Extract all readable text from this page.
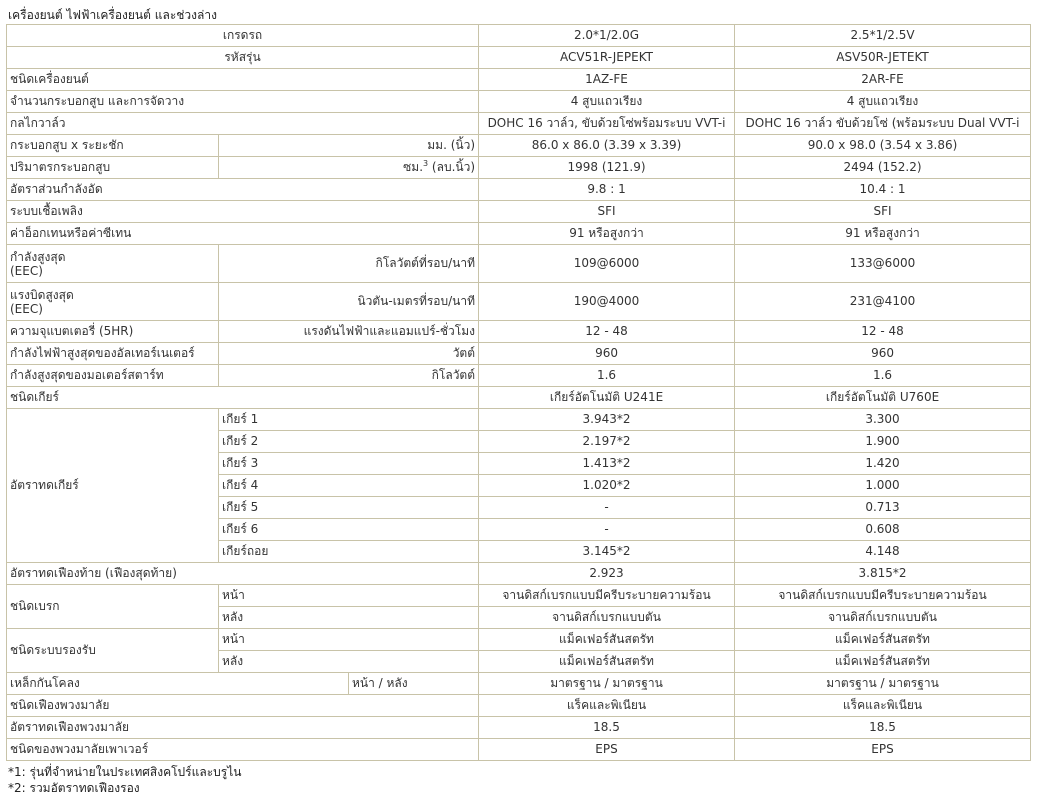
เครื่องยนต์ ไฟฟ้าเครื่องยนต์ และช่วงล่าง
เกรดรถ			2.0*1/2.0G	2.5*1/2.5V
รหัสรุ่น			ACV51R-JEPEKT	ASV50R-JETEKT
ชนิดเครื่องยนต์			1AZ-FE	2AR-FE
จำนวนกระบอกสูบ และการจัดวาง			4 สูบแถวเรียง	4 สูบแถวเรียง
กลไกวาล์ว			DOHC 16 วาล์ว, ขับด้วยโซ่พร้อมระบบ VVT-i	DOHC 16 วาล์ว ขับด้วยโซ่ (พร้อมระบบ Dual VVT-i
กระบอกสูบ x ระยะชัก	มม. (นิ้ว)		86.0 x 86.0 (3.39 x 3.39)	90.0 x 98.0 (3.54 x 3.86)
ปริมาตรกระบอกสูบ	ซม.$^3$ (ลบ.นิ้ว)		1998 (121.9)	2494 (152.2)
อัตราส่วนกำลังอัด			9.8 : 1	10.4 : 1
ระบบเชื้อเพลิง			SFI	SFI
ค่าอ็อกเทนหรือค่าซีเทน			91 หรือสูงกว่า	91 หรือสูงกว่า

กำลังสูงสุด
(EEC)	กิโลวัตต์ที่รอบ/นาที		109@6000	133@6000

แรงบิดสูงสุด
(EEC)	นิวตัน-เมตรที่รอบ/นาที		190@4000	231@4100
ความจุแบตเตอรี่ (5HR)	แรงดันไฟฟ้าและแอมแปร์-ชั่วโมง		12 - 48	12 - 48
กำลังไฟฟ้าสูงสุดของอัลเทอร์เนเตอร์	วัตต์		960	960
กำลังสูงสุดของมอเตอร์สตาร์ท	กิโลวัตต์		1.6	1.6
ชนิดเกียร์			เกียร์อัตโนมัติ U241E	เกียร์อัตโนมัติ U760E
อัตราทดเกียร์	เกียร์ 1		3.943*2	3.300
	เกียร์ 2		2.197*2	1.900
	เกียร์ 3		1.413*2	1.420
	เกียร์ 4		1.020*2	1.000
	เกียร์ 5		-	0.713
	เกียร์ 6		-	0.608
	เกียร์ถอย		3.145*2	4.148
อัตราทดเฟืองท้าย (เฟืองสุดท้าย)			2.923	3.815*2
ชนิดเบรก	หน้า		จานดิสก์เบรกแบบมีครีบระบายความร้อน	จานดิสก์เบรกแบบมีครีบระบายความร้อน
	หลัง		จานดิสก์เบรกแบบตัน	จานดิสก์เบรกแบบตัน
ชนิดระบบรองรับ	หน้า		แม็คเฟอร์สันสตรัท	แม็คเฟอร์สันสตรัท
	หลัง		แม็คเฟอร์สันสตรัท	แม็คเฟอร์สันสตรัท
เหล็กกันโคลง		หน้า / หลัง	มาตรฐาน / มาตรฐาน	มาตรฐาน / มาตรฐาน
ชนิดเฟืองพวงมาลัย			แร็คและพิเนียน	แร็คและพิเนียน
อัตราทดเฟืองพวงมาลัย			18.5	18.5
ชนิดของพวงมาลัยเพาเวอร์			EPS	EPS
*1: รุ่นที่จำหน่ายในประเทศสิงคโปร์และบรูไน
*2: รวมอัตราทดเฟืองรอง
